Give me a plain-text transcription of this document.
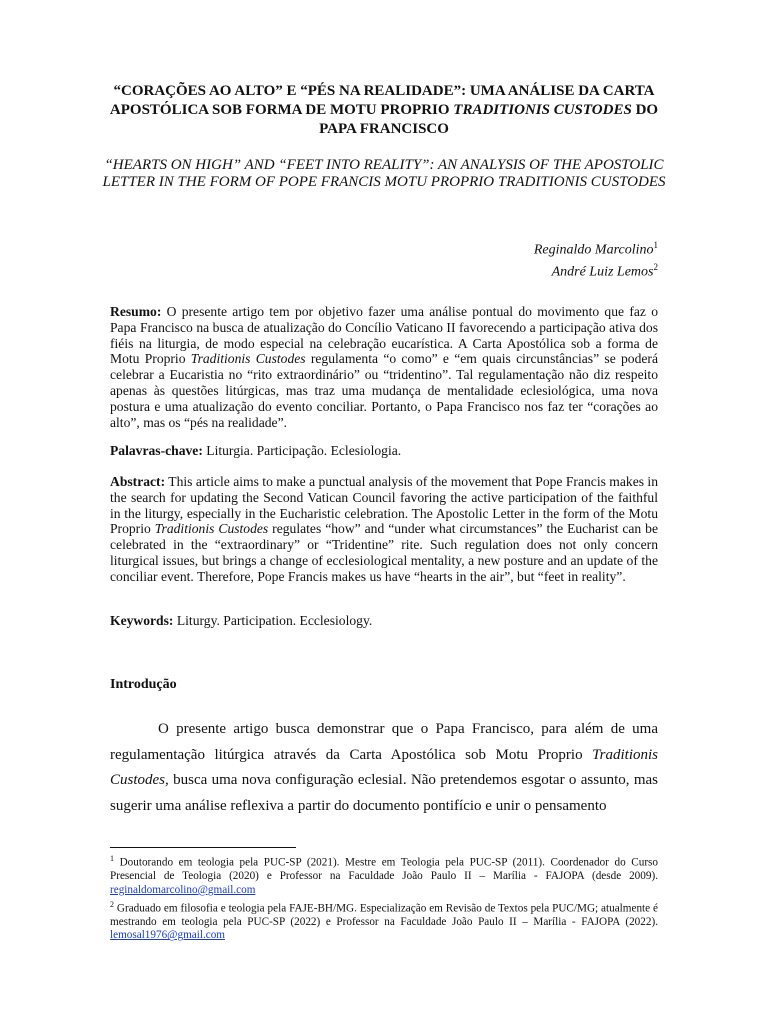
“CORAÇÕES AO ALTO” E “PÉS NA REALIDADE”: UMA ANÁLISE DA CARTA APOSTÓLICA SOB FORMA DE MOTU PROPRIO TRADITIONIS CUSTODES DO PAPA FRANCISCO

“HEARTS ON HIGH” AND “FEET INTO REALITY”: AN ANALYSIS OF THE APOSTOLIC LETTER IN THE FORM OF POPE FRANCIS MOTU PROPRIO TRADITIONIS CUSTODES

Reginaldo Marcolino$^1$
André Luiz Lemos$^2$

Resumo: O presente artigo tem por objetivo fazer uma análise pontual do movimento que faz o Papa Francisco na busca de atualização do Concílio Vaticano II favorecendo a participação ativa dos fiéis na liturgia, de modo especial na celebração eucarística. A Carta Apostólica sob a forma de Motu Proprio Traditionis Custodes regulamenta “o como” e “em quais circunstâncias” se poderá celebrar a Eucaristia no “rito extraordinário” ou “tridentino”. Tal regulamentação não diz respeito apenas às questões litúrgicas, mas traz uma mudança de mentalidade eclesiológica, uma nova postura e uma atualização do evento conciliar. Portanto, o Papa Francisco nos faz ter “corações ao alto”, mas os “pés na realidade”.

Palavras-chave: Liturgia. Participação. Eclesiologia.

Abstract: This article aims to make a punctual analysis of the movement that Pope Francis makes in the search for updating the Second Vatican Council favoring the active participation of the faithful in the liturgy, especially in the Eucharistic celebration. The Apostolic Letter in the form of the Motu Proprio Traditionis Custodes regulates “how” and “under what circumstances” the Eucharist can be celebrated in the “extraordinary” or “Tridentine” rite. Such regulation does not only concern liturgical issues, but brings a change of ecclesiological mentality, a new posture and an update of the conciliar event. Therefore, Pope Francis makes us have “hearts in the air”, but “feet in reality”.

Keywords: Liturgy. Participation. Ecclesiology.

Introdução

O presente artigo busca demonstrar que o Papa Francisco, para além de uma regulamentação litúrgica através da Carta Apostólica sob Motu Proprio Traditionis Custodes, busca uma nova configuração eclesial. Não pretendemos esgotar o assunto, mas sugerir uma análise reflexiva a partir do documento pontifício e unir o pensamento

$^1$ Doutorando em teologia pela PUC-SP (2021). Mestre em Teologia pela PUC-SP (2011). Coordenador do Curso Presencial de Teologia (2020) e Professor na Faculdade João Paulo II – Marília - FAJOPA (desde 2009). reginaldomarcolino@gmail.com

$^2$ Graduado em filosofia e teologia pela FAJE-BH/MG. Especialização em Revisão de Textos pela PUC/MG; atualmente é mestrando em teologia pela PUC-SP (2022) e Professor na Faculdade João Paulo II – Marília - FAJOPA (2022). lemosal1976@gmail.com
